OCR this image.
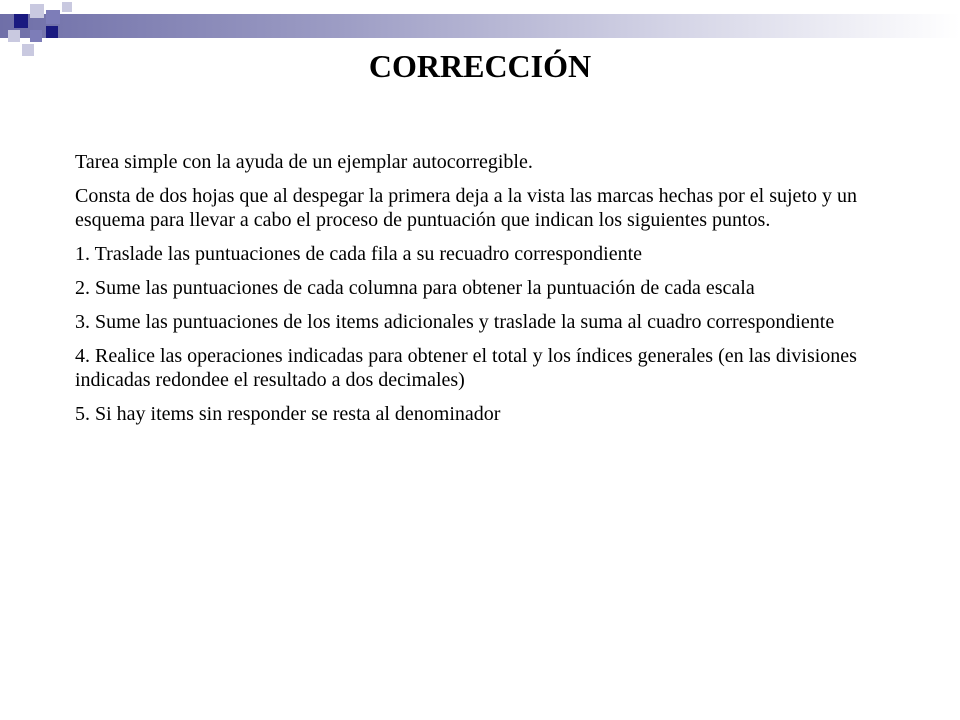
CORRECCIÓN

Tarea simple con la ayuda de un ejemplar autocorregible.

Consta de dos hojas que al despegar la primera deja a la vista las marcas hechas por el sujeto y un esquema para llevar a cabo el proceso de puntuación que indican los siguientes puntos.

1. Traslade las puntuaciones de cada fila a su recuadro correspondiente

2. Sume las puntuaciones de cada columna para obtener la puntuación de cada escala

3. Sume las puntuaciones de los items adicionales y traslade la suma al cuadro correspondiente

4. Realice las operaciones indicadas para obtener el total y los índices generales (en las divisiones indicadas redondee el resultado a dos decimales)

5. Si hay items sin responder se resta al denominador
